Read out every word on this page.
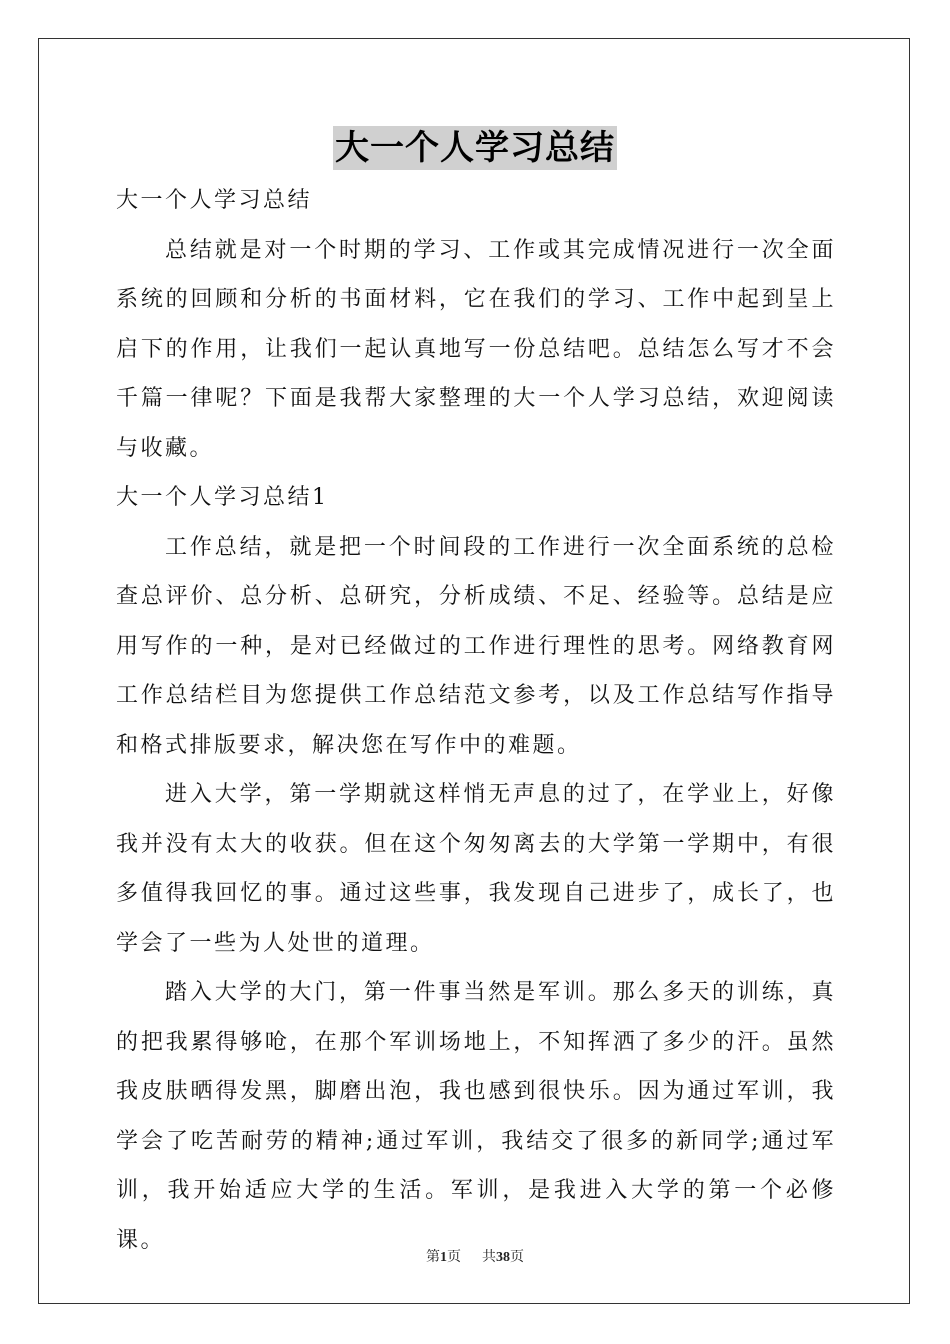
大一个人学习总结

大一个人学习总结

总结就是对一个时期的学习、工作或其完成情况进行一次全面系统的回顾和分析的书面材料，它在我们的学习、工作中起到呈上启下的作用，让我们一起认真地写一份总结吧。总结怎么写才不会千篇一律呢？下面是我帮大家整理的大一个人学习总结，欢迎阅读与收藏。

大一个人学习总结1

工作总结，就是把一个时间段的工作进行一次全面系统的总检查总评价、总分析、总研究，分析成绩、不足、经验等。总结是应用写作的一种，是对已经做过的工作进行理性的思考。网络教育网工作总结栏目为您提供工作总结范文参考，以及工作总结写作指导和格式排版要求，解决您在写作中的难题。

进入大学，第一学期就这样悄无声息的过了，在学业上，好像我并没有太大的收获。但在这个匆匆离去的大学第一学期中，有很多值得我回忆的事。通过这些事，我发现自己进步了，成长了，也学会了一些为人处世的道理。

踏入大学的大门，第一件事当然是军训。那么多天的训练，真的把我累得够呛，在那个军训场地上，不知挥洒了多少的汗。虽然我皮肤晒得发黑，脚磨出泡，我也感到很快乐。因为通过军训，我学会了吃苦耐劳的精神;通过军训，我结交了很多的新同学;通过军训，我开始适应大学的生活。军训，是我进入大学的第一个必修课。

第1页 共38页
